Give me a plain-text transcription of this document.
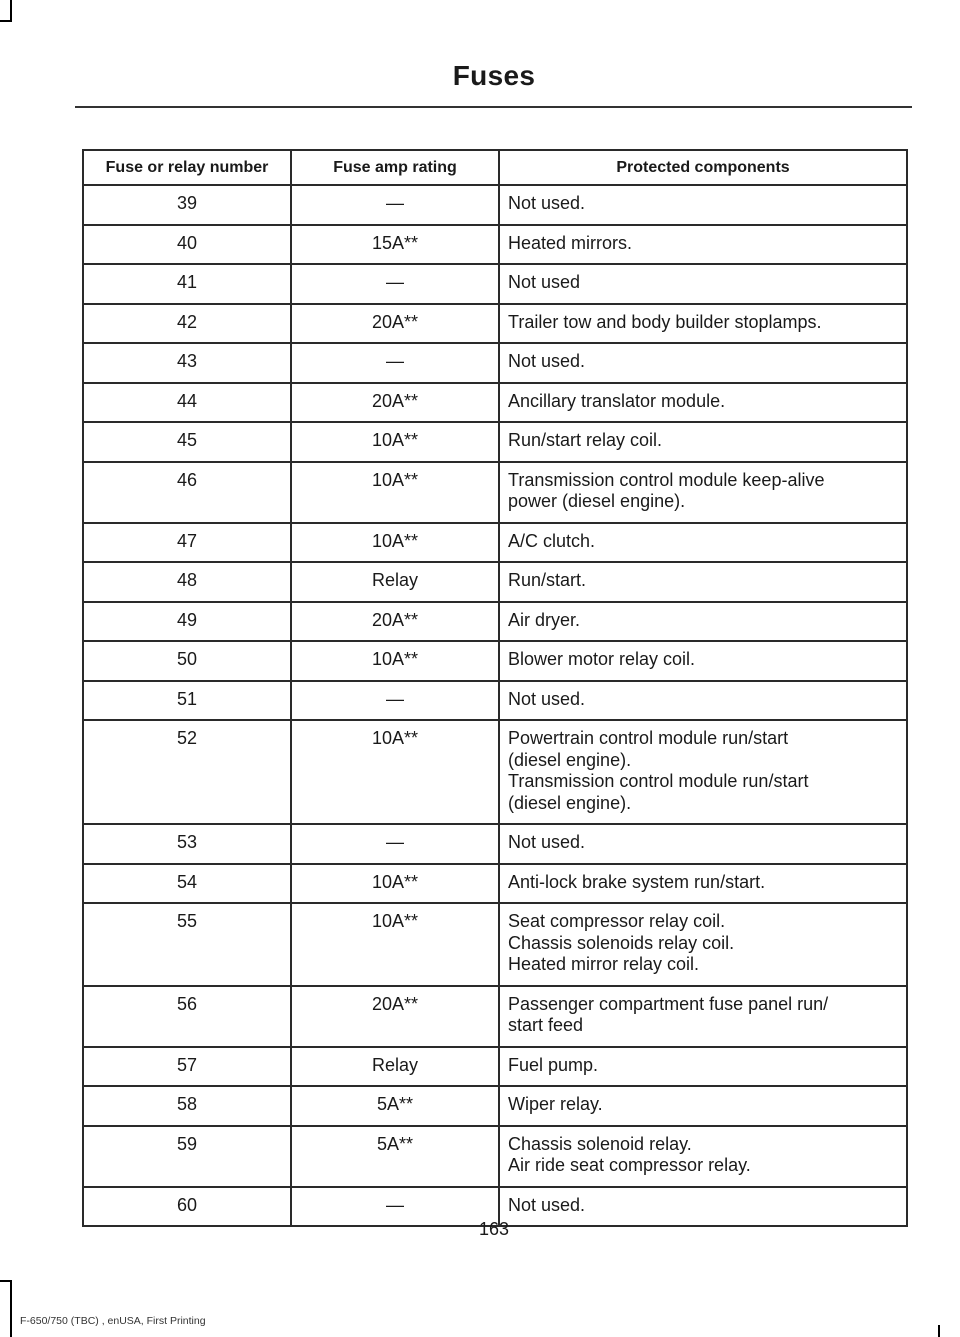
Fuses
Fuse or relay number	Fuse amp rating	Protected components
39	—	Not used.

40	15A**	Heated mirrors.

41	—	Not used

42	20A**	Trailer tow and body builder stoplamps.

43	—	Not used.

44	20A**	Ancillary translator module.

45	10A**	Run/start relay coil.

46	10A**	Transmission control module keep-alive
power (diesel engine).

47	10A**	A/C clutch.

48	Relay	Run/start.

49	20A**	Air dryer.

50	10A**	Blower motor relay coil.

51	—	Not used.

52	10A**	Powertrain control module run/start
(diesel engine).
Transmission control module run/start
(diesel engine).

53	—	Not used.

54	10A**	Anti-lock brake system run/start.

55	10A**	Seat compressor relay coil.
Chassis solenoids relay coil.
Heated mirror relay coil.

56	20A**	Passenger compartment fuse panel run/
start feed

57	Relay	Fuel pump.

58	5A**	Wiper relay.

59	5A**	Chassis solenoid relay.
Air ride seat compressor relay.

60	—	Not used.
163
F-650/750 (TBC) , enUSA, First Printing
